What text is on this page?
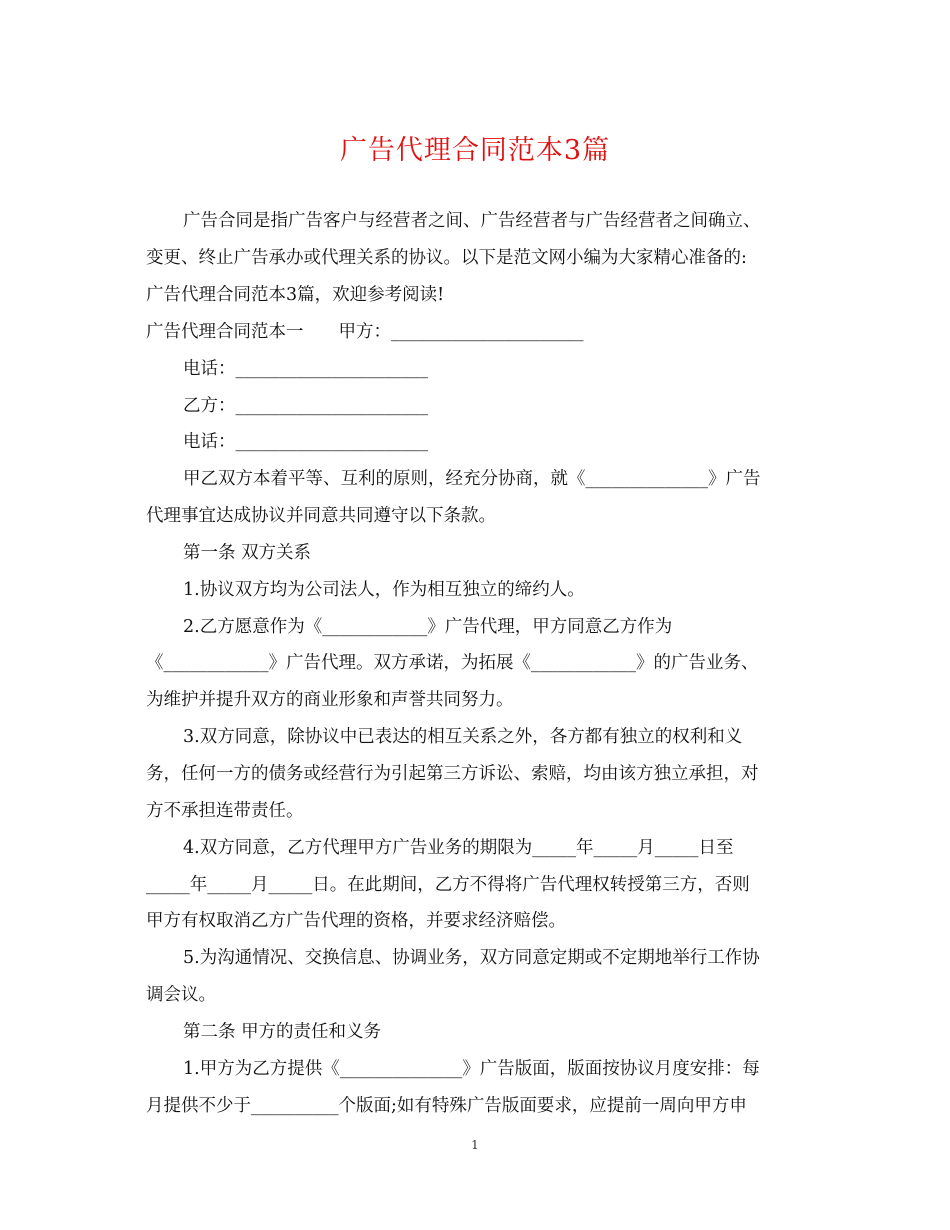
广告代理合同范本3篇

广告合同是指广告客户与经营者之间、广告经营者与广告经营者之间确立、

变更、终止广告承办或代理关系的协议。以下是范文网小编为大家精心准备的:

广告代理合同范本3篇，欢迎参考阅读!

广告代理合同范本一　　甲方：______________________

电话：______________________

乙方：______________________

电话：______________________

甲乙双方本着平等、互利的原则，经充分协商，就《______________》广告

代理事宜达成协议并同意共同遵守以下条款。

第一条 双方关系

1.协议双方均为公司法人，作为相互独立的缔约人。

2.乙方愿意作为《____________》广告代理，甲方同意乙方作为

《____________》广告代理。双方承诺，为拓展《____________》的广告业务、

为维护并提升双方的商业形象和声誉共同努力。

3.双方同意，除协议中已表达的相互关系之外，各方都有独立的权利和义

务，任何一方的债务或经营行为引起第三方诉讼、索赔，均由该方独立承担，对

方不承担连带责任。

4.双方同意，乙方代理甲方广告业务的期限为_____年_____月_____日至

_____年_____月_____日。在此期间，乙方不得将广告代理权转授第三方，否则

甲方有权取消乙方广告代理的资格，并要求经济赔偿。

5.为沟通情况、交换信息、协调业务，双方同意定期或不定期地举行工作协

调会议。

第二条 甲方的责任和义务

1.甲方为乙方提供《______________》广告版面，版面按协议月度安排：每

月提供不少于__________个版面;如有特殊广告版面要求，应提前一周向甲方申

1
